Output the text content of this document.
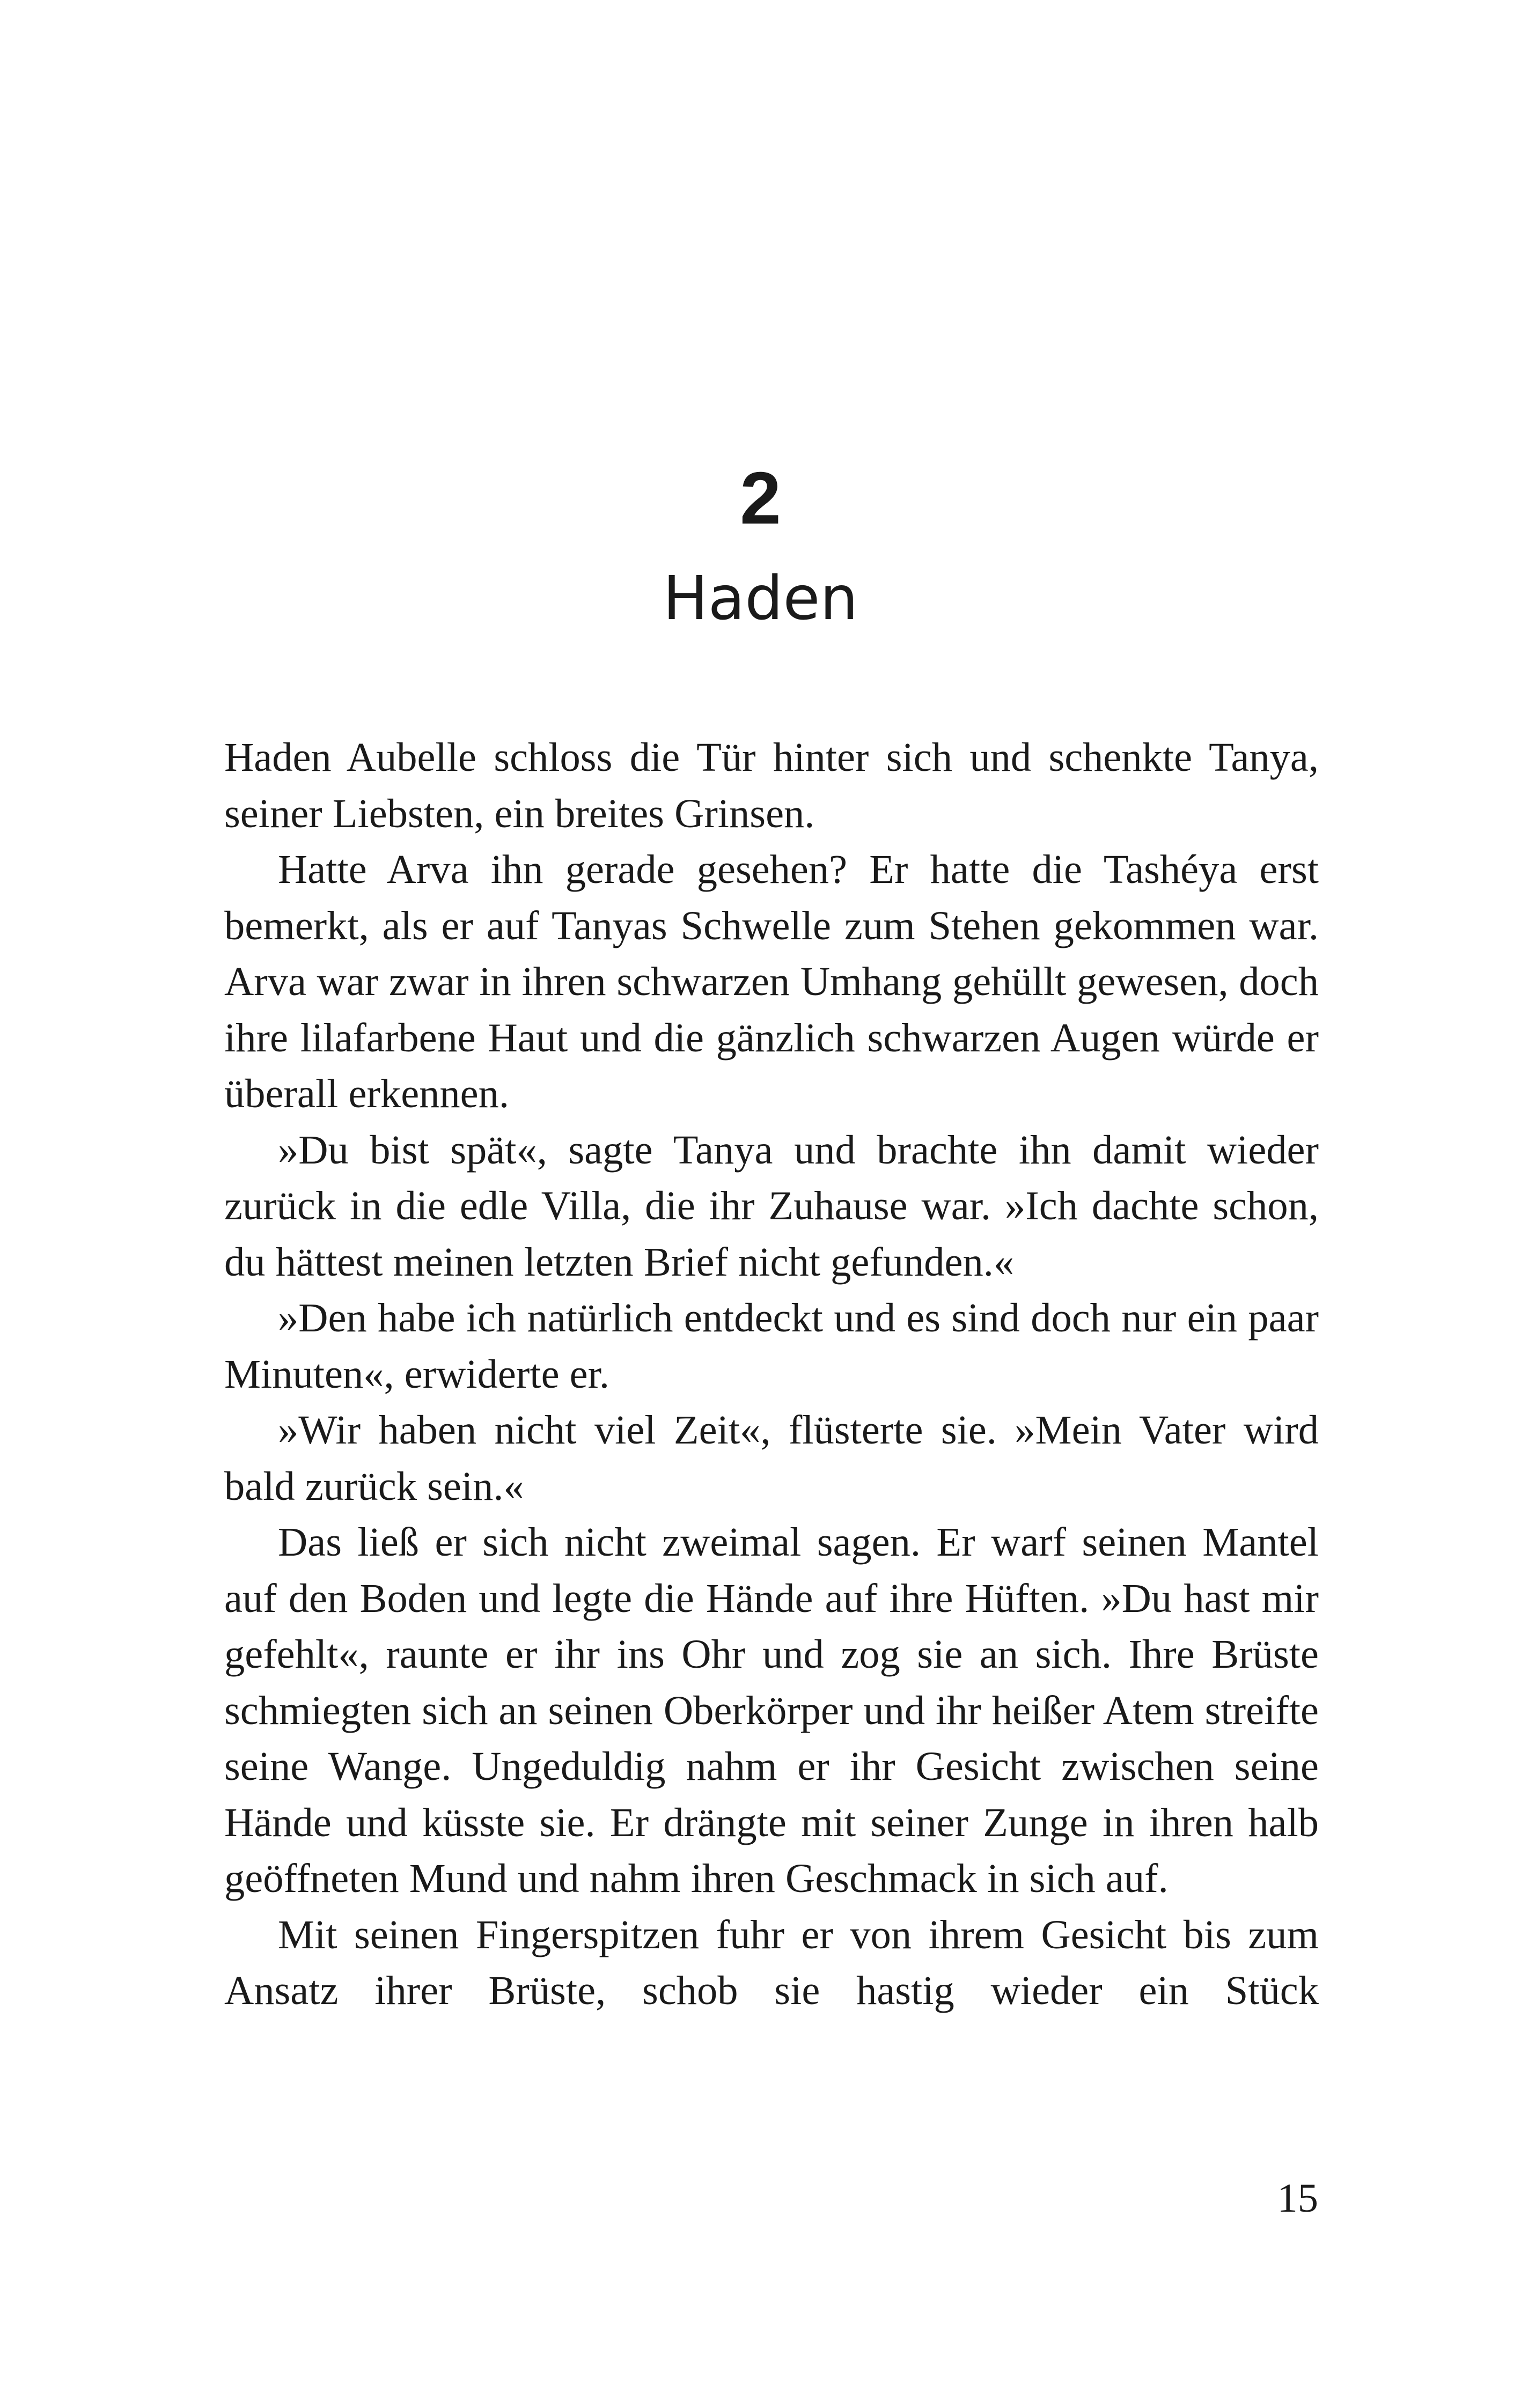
2
Haden

Haden Aubelle schloss die Tür hinter sich und schenkte Tanya, seiner Liebsten, ein breites Grinsen.

Hatte Arva ihn gerade gesehen? Er hatte die Tashéya erst bemerkt, als er auf Tanyas Schwelle zum Stehen gekommen war. Arva war zwar in ihren schwarzen Umhang gehüllt gewesen, doch ihre lilafarbene Haut und die gänzlich schwarzen Augen würde er überall erkennen.

»Du bist spät«, sagte Tanya und brachte ihn damit wieder zurück in die edle Villa, die ihr Zuhause war. »Ich dachte schon, du hättest meinen letzten Brief nicht gefunden.«

»Den habe ich natürlich entdeckt und es sind doch nur ein paar Minuten«, erwiderte er.

»Wir haben nicht viel Zeit«, flüsterte sie. »Mein Vater wird bald zurück sein.«

Das ließ er sich nicht zweimal sagen. Er warf seinen Mantel auf den Boden und legte die Hände auf ihre Hüften. »Du hast mir gefehlt«, raunte er ihr ins Ohr und zog sie an sich. Ihre Brüste schmiegten sich an seinen Oberkörper und ihr heißer Atem streifte seine Wange. Ungeduldig nahm er ihr Gesicht zwischen seine Hände und küsste sie. Er drängte mit seiner Zunge in ihren halb geöffneten Mund und nahm ihren Geschmack in sich auf.

Mit seinen Fingerspitzen fuhr er von ihrem Gesicht bis zum Ansatz ihrer Brüste, schob sie hastig wieder ein Stück

15
